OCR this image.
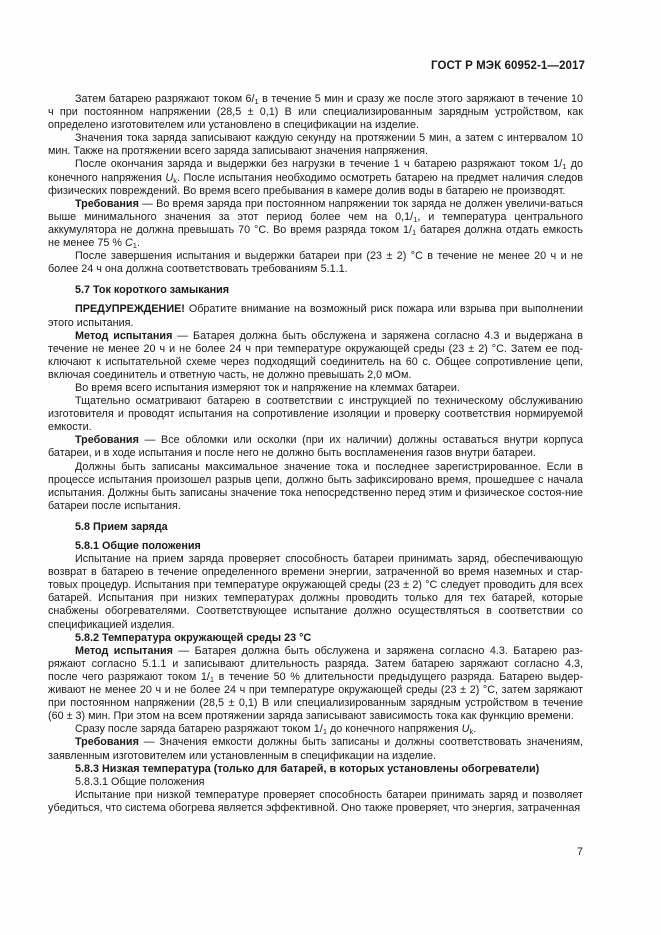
ГОСТ Р МЭК 60952-1—2017

Затем батарею разряжают током $6/_1$ в течение 5 мин и сразу же после этого заряжают в течение 10 ч при постоянном напряжении (28,5 ± 0,1) В или специализированным зарядным устройством, как определено изготовителем или установлено в спецификации на изделие.

Значения тока заряда записывают каждую секунду на протяжении 5 мин, а затем с интервалом 10 мин. Также на протяжении всего заряда записывают значения напряжения.

После окончания заряда и выдержки без нагрузки в течение 1 ч батарею разряжают током $1/_1$ до конечного напряжения $U_k$. После испытания необходимо осмотреть батарею на предмет наличия следов физических повреждений. Во время всего пребывания в камере долив воды в батарею не производят.

Требования — Во время заряда при постоянном напряжении ток заряда не должен увеличи-ваться выше минимального значения за этот период более чем на $0,1/_1$, и температура центрального аккумулятора не должна превышать 70 °С. Во время разряда током $1/_1$ батарея должна отдать емкость не менее 75 % $C_1$.

После завершения испытания и выдержки батареи при (23 ± 2) °С в течение не менее 20 ч и не более 24 ч она должна соответствовать требованиям 5.1.1.

5.7 Ток короткого замыкания

ПРЕДУПРЕЖДЕНИЕ! Обратите внимание на возможный риск пожара или взрыва при выполнении этого испытания.

Метод испытания — Батарея должна быть обслужена и заряжена согласно 4.3 и выдержана в течение не менее 20 ч и не более 24 ч при температуре окружающей среды (23 ± 2) °С. Затем ее под-ключают к испытательной схеме через подходящий соединитель на 60 с. Общее сопротивление цепи, включая соединитель и ответную часть, не должно превышать 2,0 мОм.

Во время всего испытания измеряют ток и напряжение на клеммах батареи.

Тщательно осматривают батарею в соответствии с инструкцией по техническому обслуживанию изготовителя и проводят испытания на сопротивление изоляции и проверку соответствия нормируемой емкости.

Требования — Все обломки или осколки (при их наличии) должны оставаться внутри корпуса батареи, и в ходе испытания и после него не должно быть воспламенения газов внутри батареи.

Должны быть записаны максимальное значение тока и последнее зарегистрированное. Если в процессе испытания произошел разрыв цепи, должно быть зафиксировано время, прошедшее с начала испытания. Должны быть записаны значение тока непосредственно перед этим и физическое состоя-ние батареи после испытания.

5.8 Прием заряда

5.8.1 Общие положения

Испытание на прием заряда проверяет способность батареи принимать заряд, обеспечивающую возврат в батарею в течение определенного времени энергии, затраченной во время наземных и стар-товых процедур. Испытания при температуре окружающей среды (23 ± 2) °С следует проводить для всех батарей. Испытания при низких температурах должны проводить только для тех батарей, которые снабжены обогревателями. Соответствующее испытание должно осуществляться в соответствии со спецификацией изделия.

5.8.2 Температура окружающей среды 23 °С

Метод испытания — Батарея должна быть обслужена и заряжена согласно 4.3. Батарею раз-ряжают согласно 5.1.1 и записывают длительность разряда. Затем батарею заряжают согласно 4.3, после чего разряжают током $1/_1$ в течение 50 % длительности предыдущего разряда. Батарею выдер-живают не менее 20 ч и не более 24 ч при температуре окружающей среды (23 ± 2) °С, затем заряжают при постоянном напряжении (28,5 ± 0,1) В или специализированным зарядным устройством в течение (60 ± 3) мин. При этом на всем протяжении заряда записывают зависимость тока как функцию времени.

Сразу после заряда батарею разряжают током $1/_1$ до конечного напряжения $U_k$.

Требования — Значения емкости должны быть записаны и должны соответствовать значениям, заявленным изготовителем или установленным в спецификации на изделие.

5.8.3 Низкая температура (только для батарей, в которых установлены обогреватели)

5.8.3.1 Общие положения

Испытание при низкой температуре проверяет способность батареи принимать заряд и позволяет убедиться, что система обогрева является эффективной. Оно также проверяет, что энергия, затраченная

7
